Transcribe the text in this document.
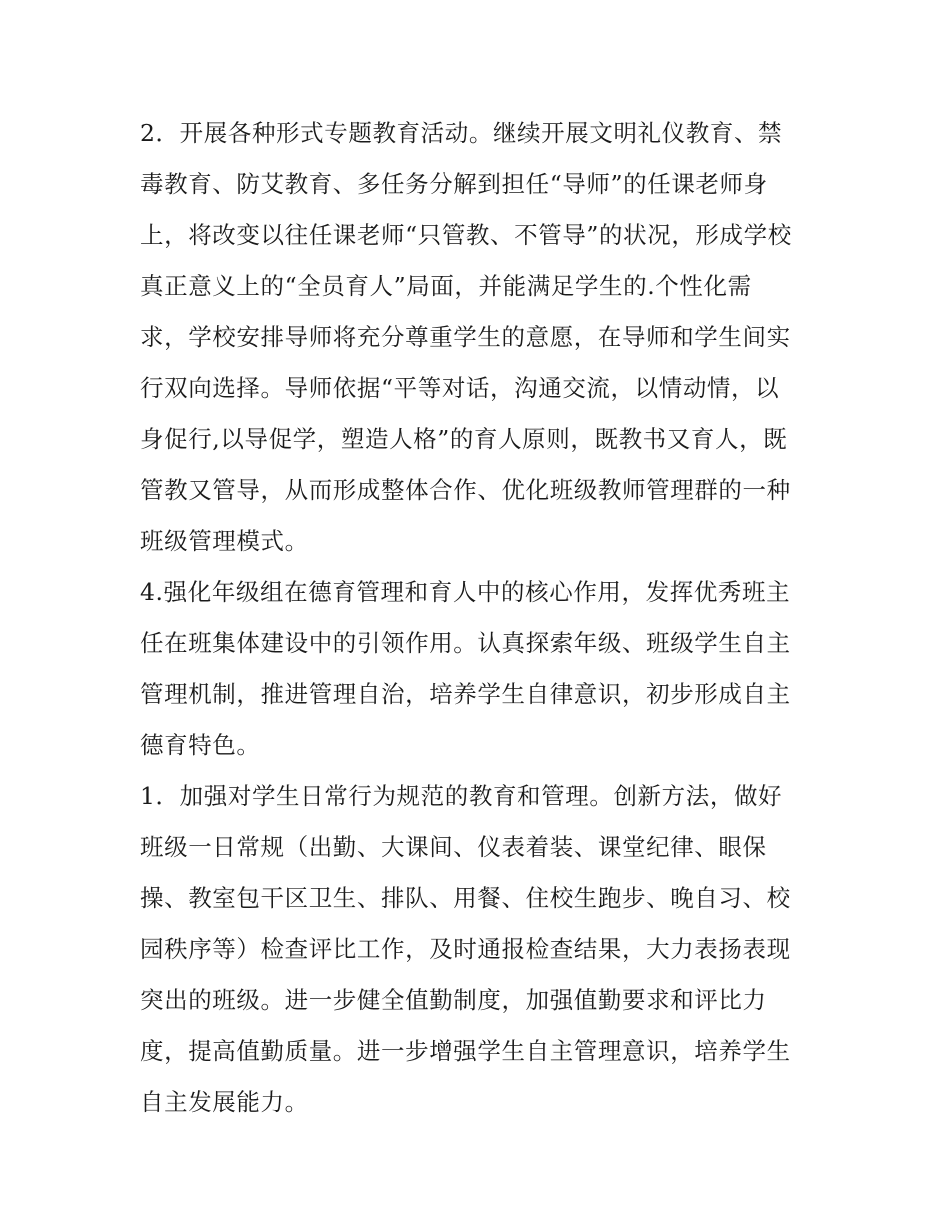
2．开展各种形式专题教育活动。继续开展文明礼仪教育、禁
毒教育、防艾教育、多任务分解到担任“导师”的任课老师身
上，将改变以往任课老师“只管教、不管导”的状况，形成学校
真正意义上的“全员育人”局面，并能满足学生的.个性化需
求，学校安排导师将充分尊重学生的意愿，在导师和学生间实
行双向选择。导师依据“平等对话，沟通交流，以情动情，以
身促行,以导促学，塑造人格”的育人原则，既教书又育人，既
管教又管导，从而形成整体合作、优化班级教师管理群的一种
班级管理模式。
4.强化年级组在德育管理和育人中的核心作用，发挥优秀班主
任在班集体建设中的引领作用。认真探索年级、班级学生自主
管理机制，推进管理自治，培养学生自律意识，初步形成自主
德育特色。
1．加强对学生日常行为规范的教育和管理。创新方法，做好
班级一日常规（出勤、大课间、仪表着装、课堂纪律、眼保
操、教室包干区卫生、排队、用餐、住校生跑步、晚自习、校
园秩序等）检查评比工作，及时通报检查结果，大力表扬表现
突出的班级。进一步健全值勤制度，加强值勤要求和评比力
度，提高值勤质量。进一步增强学生自主管理意识，培养学生
自主发展能力。
